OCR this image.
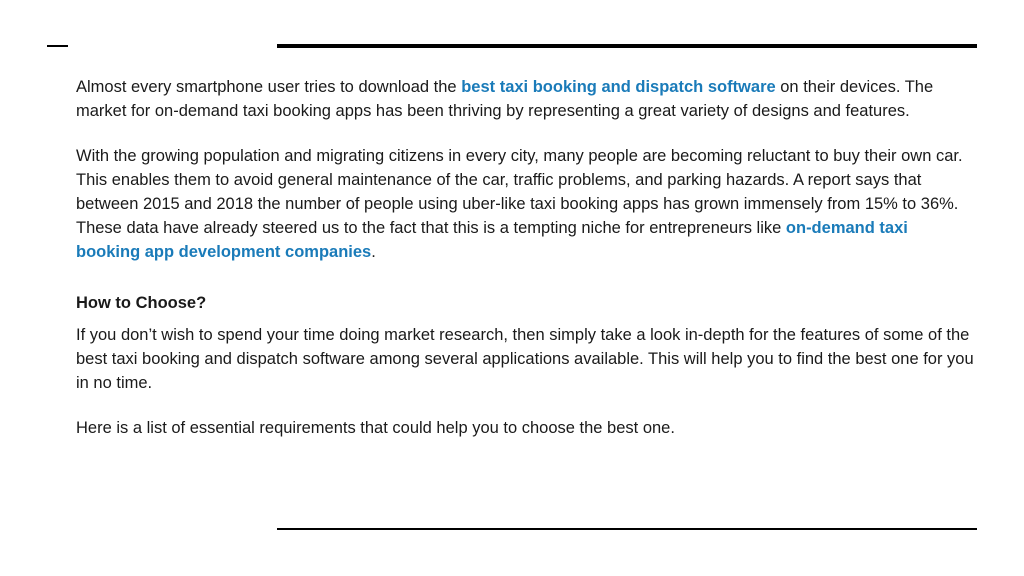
Almost every smartphone user tries to download the best taxi booking and dispatch software on their devices. The market for on-demand taxi booking apps has been thriving by representing a great variety of designs and features.

With the growing population and migrating citizens in every city, many people are becoming reluctant to buy their own car. This enables them to avoid general maintenance of the car, traffic problems, and parking hazards. A report says that between 2015 and 2018 the number of people using uber-like taxi booking apps has grown immensely from 15% to 36%. These data have already steered us to the fact that this is a tempting niche for entrepreneurs like on-demand taxi booking app development companies.

How to Choose?

If you don’t wish to spend your time doing market research, then simply take a look in-depth for the features of some of the best taxi booking and dispatch software among several applications available. This will help you to find the best one for you in no time.

Here is a list of essential requirements that could help you to choose the best one.
